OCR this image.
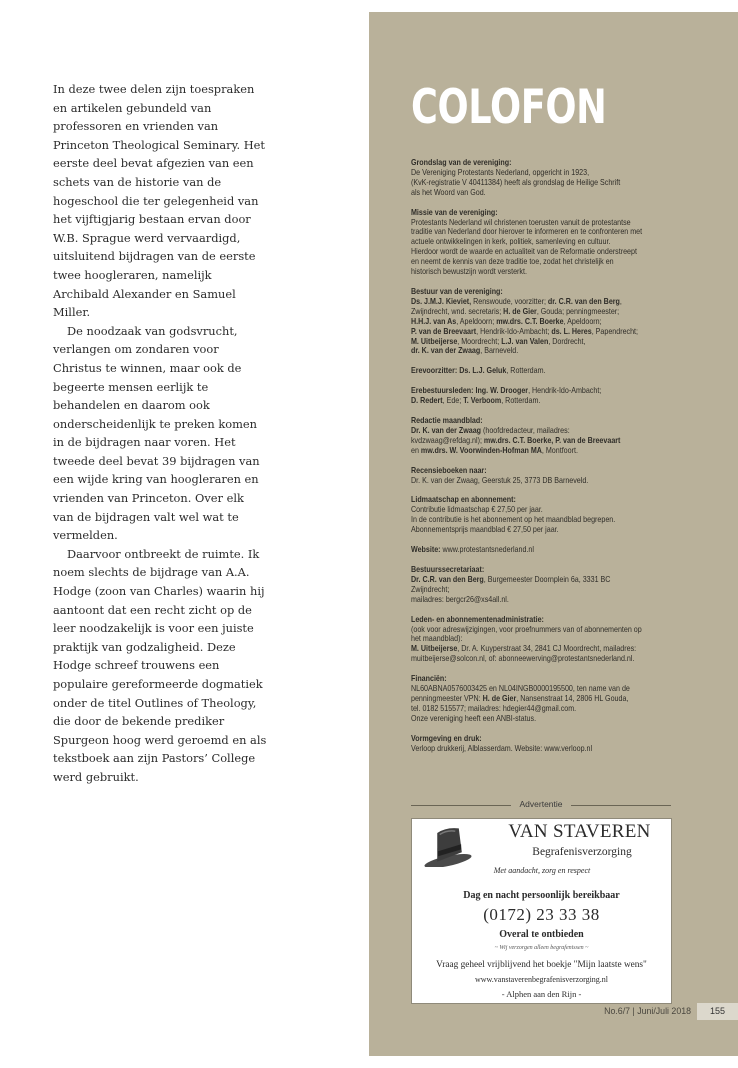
In deze twee delen zijn toespraken en artikelen gebundeld van professoren en vrienden van Princeton Theological Seminary. Het eerste deel bevat afgezien van een schets van de historie van de hogeschool die ter gelegenheid van het vijftigjarig bestaan ervan door W.B. Sprague werd vervaardigd, uitsluitend bijdragen van de eerste twee hoogleraren, namelijk Archibald Alexander en Samuel Miller.

De noodzaak van godsvrucht, verlangen om zondaren voor Christus te winnen, maar ook de begeerte mensen eerlijk te behandelen en daarom ook onderscheidenlijk te preken komen in de bijdragen naar voren. Het tweede deel bevat 39 bijdragen van een wijde kring van hoogleraren en vrienden van Princeton. Over elk van de bijdragen valt wel wat te vermelden.

Daarvoor ontbreekt de ruimte. Ik noem slechts de bijdrage van A.A. Hodge (zoon van Charles) waarin hij aantoont dat een recht zicht op de leer noodzakelijk is voor een juiste praktijk van godzaligheid. Deze Hodge schreef trouwens een populaire gereformeerde dogmatiek onder de titel Outlines of Theology, die door de bekende prediker Spurgeon hoog werd geroemd en als tekstboek aan zijn Pastors’ College werd gebruikt.

COLOFON
Grondslag van de vereniging:
De Vereniging Protestants Nederland, opgericht in 1923,
(KvK-registratie V 40411384) heeft als grondslag de Heilige Schrift
als het Woord van God.
Missie van de vereniging:
Protestants Nederland wil christenen toerusten vanuit de protestantse
traditie van Nederland door hierover te informeren en te confronteren met
actuele ontwikkelingen in kerk, politiek, samenleving en cultuur.
Hierdoor wordt de waarde en actualiteit van de Reformatie onderstreept
en neemt de kennis van deze traditie toe, zodat het christelijk en
historisch bewustzijn wordt versterkt.
Bestuur van de vereniging:
Ds. J.M.J. Kieviet, Renswoude, voorzitter; dr. C.R. van den Berg,
Zwijndrecht, wnd. secretaris; H. de Gier, Gouda; penningmeester;
H.H.J. van As, Apeldoorn; mw.drs. C.T. Boerke, Apeldoorn;
P. van de Breevaart, Hendrik-Ido-Ambacht; ds. L. Heres, Papendrecht;
M. Uitbeijerse, Moordrecht; L.J. van Valen, Dordrecht,
dr. K. van der Zwaag, Barneveld.
Erevoorzitter: Ds. L.J. Geluk, Rotterdam.
Erebestuursleden: Ing. W. Drooger, Hendrik-Ido-Ambacht;
D. Redert, Ede; T. Verboom, Rotterdam.
Redactie maandblad:
Dr. K. van der Zwaag (hoofdredacteur, mailadres:
kvdzwaag@refdag.nl); mw.drs. C.T. Boerke, P. van de Breevaart
en mw.drs. W. Voorwinden-Hofman MA, Montfoort.
Recensieboeken naar:
Dr. K. van der Zwaag, Geerstuk 25, 3773 DB Barneveld.
Lidmaatschap en abonnement:
Contributie lidmaatschap € 27,50 per jaar.
In de contributie is het abonnement op het maandblad begrepen.
Abonnementsprijs maandblad € 27,50 per jaar.
Website: www.protestantsnederland.nl
Bestuurssecretariaat:
Dr. C.R. van den Berg, Burgemeester Doornplein 6a, 3331 BC
Zwijndrecht;
mailadres: bergcr26@xs4all.nl.
Leden- en abonnementenadministratie:
(ook voor adreswijzigingen, voor proefnummers van of abonnementen op
het maandblad):
M. Uitbeijerse, Dr. A. Kuyperstraat 34, 2841 CJ Moordrecht, mailadres:
muitbeijerse@solcon.nl, of: abonneewerving@protestantsnederland.nl.
Financiën:
NL60ABNA0576003425 en NL04INGB0000195500, ten name van de
penningmeester VPN: H. de Gier, Nansenstraat 14, 2806 HL Gouda,
tel. 0182 515577; mailadres: hdegier44@gmail.com.
Onze vereniging heeft een ANBI-status.
Vormgeving en druk:
Verloop drukkerij, Alblasserdam. Website: www.verloop.nl
Advertentie
VAN STAVEREN
Begrafenisverzorging
Met aandacht, zorg en respect
Dag en nacht persoonlijk bereikbaar
(0172) 23 33 38
Overal te ontbieden
~ Wij verzorgen alleen begrafenissen ~
Vraag geheel vrijblijvend het boekje "Mijn laatste wens"
www.vanstaverenbegrafenisverzorging.nl
- Alphen aan den Rijn -
No.6/7 | Juni/Juli 2018	155
